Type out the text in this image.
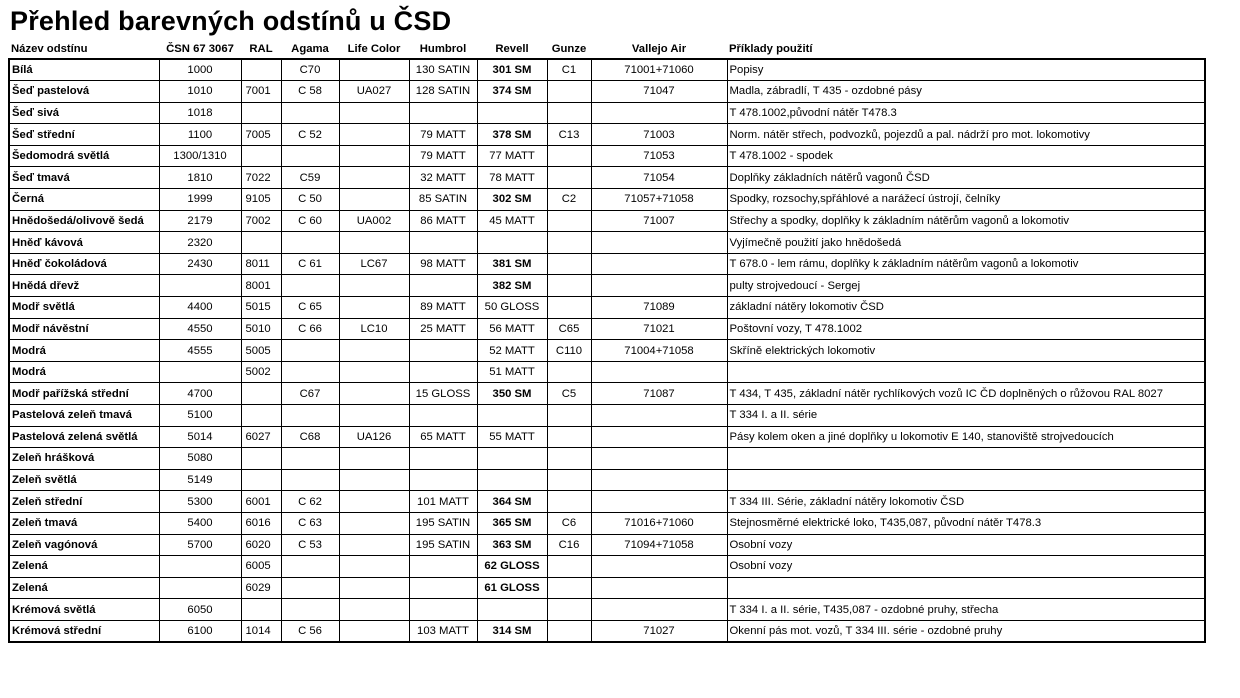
Přehled barevných odstínů u ČSD
Název odstínu	ČSN 67 3067	RAL	Agama	Life Color	Humbrol	Revell	Gunze	Vallejo Air	Příklady použití
Bílá	1000		C70		130 SATIN	301 SM	C1	71001+71060	Popisy
Šeď pastelová	1010	7001	C 58	UA027	128 SATIN	374 SM		71047	Madla, zábradlí, T 435 - ozdobné pásy
Šeď sivá	1018								T 478.1002,původní nátěr T478.3
Šeď střední	1100	7005	C 52		79 MATT	378 SM	C13	71003	Norm. nátěr střech, podvozků, pojezdů a pal. nádrží pro mot. lokomotivy
Šedomodrá světlá	1300/1310				79 MATT	77 MATT		71053	T 478.1002 - spodek
Šeď tmavá	1810	7022	C59		32 MATT	78 MATT		71054	Doplňky základních nátěrů vagonů ČSD
Černá	1999	9105	C 50		85 SATIN	302 SM	C2	71057+71058	Spodky, rozsochy,spřáhlové a narážecí ústrojí, čelníky
Hnědošedá/olivově šedá	2179	7002	C 60	UA002	86 MATT	45 MATT		71007	Střechy a spodky, doplňky k základním nátěrům vagonů a lokomotiv
Hněď kávová	2320								Vyjímečně použití jako hnědošedá
Hněď čokoládová	2430	8011	C 61	LC67	98 MATT	381 SM			T 678.0 - lem rámu, doplňky k základním nátěrům vagonů a lokomotiv
Hnědá dřevž		8001				382 SM			pulty strojvedoucí - Sergej
Modř světlá	4400	5015	C 65		89 MATT	50 GLOSS		71089	základní nátěry lokomotiv ČSD
Modř návěstní	4550	5010	C 66	LC10	25 MATT	56 MATT	C65	71021	Poštovní vozy, T 478.1002
Modrá	4555	5005				52 MATT	C110	71004+71058	Skříně elektrických lokomotiv
Modrá		5002				51 MATT			
Modř pařížská střední	4700		C67		15 GLOSS	350 SM	C5	71087	T 434, T 435, základní nátěr rychlíkových vozů IC ČD doplněných o růžovou RAL 8027
Pastelová zeleň tmavá	5100								T 334 I. a II. série
Pastelová zelená světlá	5014	6027	C68	UA126	65 MATT	55 MATT			Pásy kolem oken a jiné doplňky u lokomotiv E 140, stanoviště strojvedoucích
Zeleň hrášková	5080								
Zeleň světlá	5149								
Zeleň střední	5300	6001	C 62		101 MATT	364 SM			T 334 III. Série, základní nátěry lokomotiv ČSD
Zeleň tmavá	5400	6016	C 63		195 SATIN	365 SM	C6	71016+71060	Stejnosměrné elektrické loko, T435,087, původní nátěr T478.3
Zeleň vagónová	5700	6020	C 53		195 SATIN	363 SM	C16	71094+71058	Osobní vozy
Zelená		6005				62 GLOSS			Osobní vozy
Zelená		6029				61 GLOSS			
Krémová světlá	6050								T 334 I. a II. série, T435,087 - ozdobné pruhy, střecha
Krémová střední	6100	1014	C 56		103 MATT	314 SM		71027	Okenní pás mot. vozů, T 334 III. série - ozdobné pruhy
